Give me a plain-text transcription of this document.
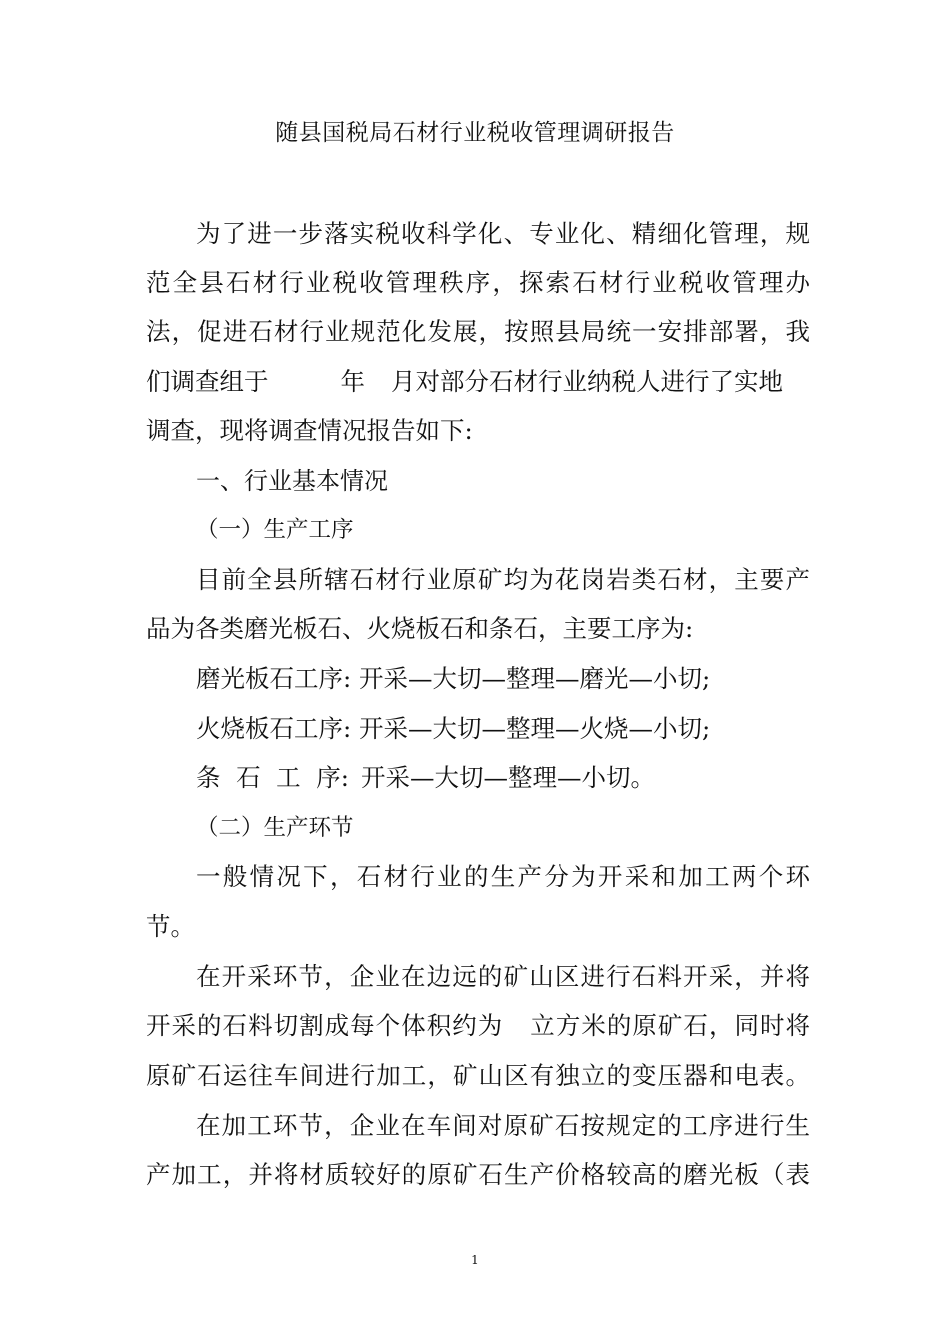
随县国税局石材行业税收管理调研报告
为了进一步落实税收科学化、专业化、精细化管理，规
范全县石材行业税收管理秩序，探索石材行业税收管理办
法，促进石材行业规范化发展，按照县局统一安排部署，我
们调查组于	年 月对部分石材行业纳税人进行了实地
调查，现将调查情况报告如下:
一、行业基本情况
（一）生产工序
目前全县所辖石材行业原矿均为花岗岩类石材，主要产
品为各类磨光板石、火烧板石和条石，主要工序为:
磨光板石工序: 开采—大切—整理—磨光—小切;
火烧板石工序: 开采—大切—整理—火烧—小切;
条  石  工  序: 开采—大切—整理—小切。
（二）生产环节
一般情况下，石材行业的生产分为开采和加工两个环
节。
在开采环节，企业在边远的矿山区进行石料开采，并将
开采的石料切割成每个体积约为 立方米的原矿石，同时将
原矿石运往车间进行加工，矿山区有独立的变压器和电表。
在加工环节，企业在车间对原矿石按规定的工序进行生
产加工，并将材质较好的原矿石生产价格较高的磨光板（表
1
